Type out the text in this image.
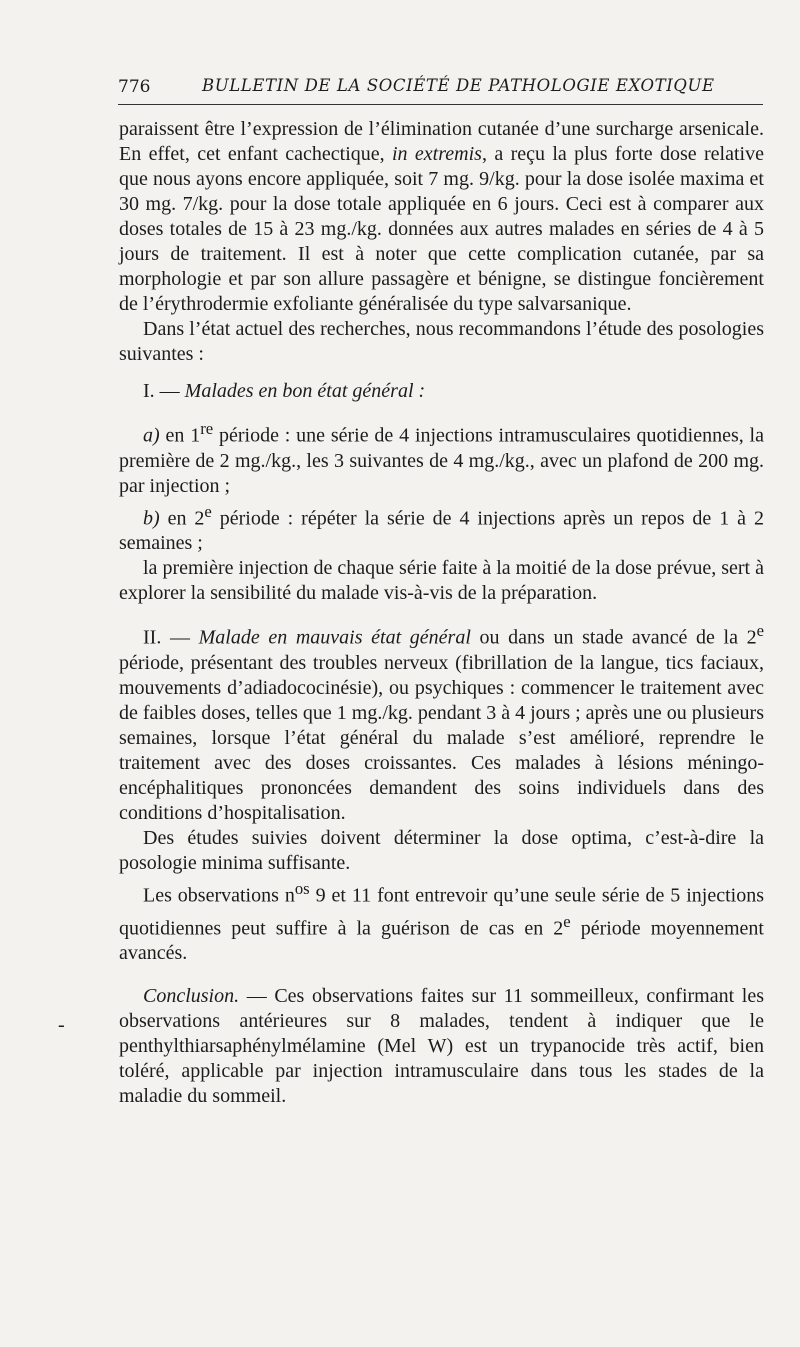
776	BULLETIN DE LA SOCIÉTÉ DE PATHOLOGIE EXOTIQUE
-

paraissent être l’expression de l’élimination cutanée d’une surcharge arsenicale. En effet, cet enfant cachectique, in extremis, a reçu la plus forte dose relative que nous ayons encore appliquée, soit 7 mg. 9/kg. pour la dose isolée maxima et 30 mg. 7/kg. pour la dose totale appliquée en 6 jours. Ceci est à comparer aux doses totales de 15 à 23 mg./kg. données aux autres malades en séries de 4 à 5 jours de traitement. Il est à noter que cette complication cutanée, par sa morphologie et par son allure passagère et bénigne, se distingue foncièrement de l’érythrodermie exfoliante généralisée du type salvarsanique.

Dans l’état actuel des recherches, nous recommandons l’étude des posologies suivantes :

I. — Malades en bon état général :

a) en 1re période : une série de 4 injections intramusculaires quotidiennes, la première de 2 mg./kg., les 3 suivantes de 4 mg./kg., avec un plafond de 200 mg. par injection ;

b) en 2e période : répéter la série de 4 injections après un repos de 1 à 2 semaines ;

la première injection de chaque série faite à la moitié de la dose prévue, sert à explorer la sensibilité du malade vis-à-vis de la préparation.

II. — Malade en mauvais état général ou dans un stade avancé de la 2e période, présentant des troubles nerveux (fibrillation de la langue, tics faciaux, mouvements d’adiadococinésie), ou psychiques : commencer le traitement avec de faibles doses, telles que 1 mg./kg. pendant 3 à 4 jours ; après une ou plusieurs semaines, lorsque l’état général du malade s’est amélioré, reprendre le traitement avec des doses croissantes. Ces malades à lésions méningo-encéphalitiques prononcées demandent des soins individuels dans des conditions d’hospitalisation.

Des études suivies doivent déterminer la dose optima, c’est-à-dire la posologie minima suffisante.

Les observations $n^{os}$ 9 et 11 font entrevoir qu’une seule série de 5 injections quotidiennes peut suffire à la guérison de cas en 2e période moyennement avancés.

Conclusion. — Ces observations faites sur 11 sommeilleux, confirmant les observations antérieures sur 8 malades, tendent à indiquer que le penthylthiarsaphénylmélamine (Mel W) est un trypanocide très actif, bien toléré, applicable par injection intramusculaire dans tous les stades de la maladie du sommeil.
